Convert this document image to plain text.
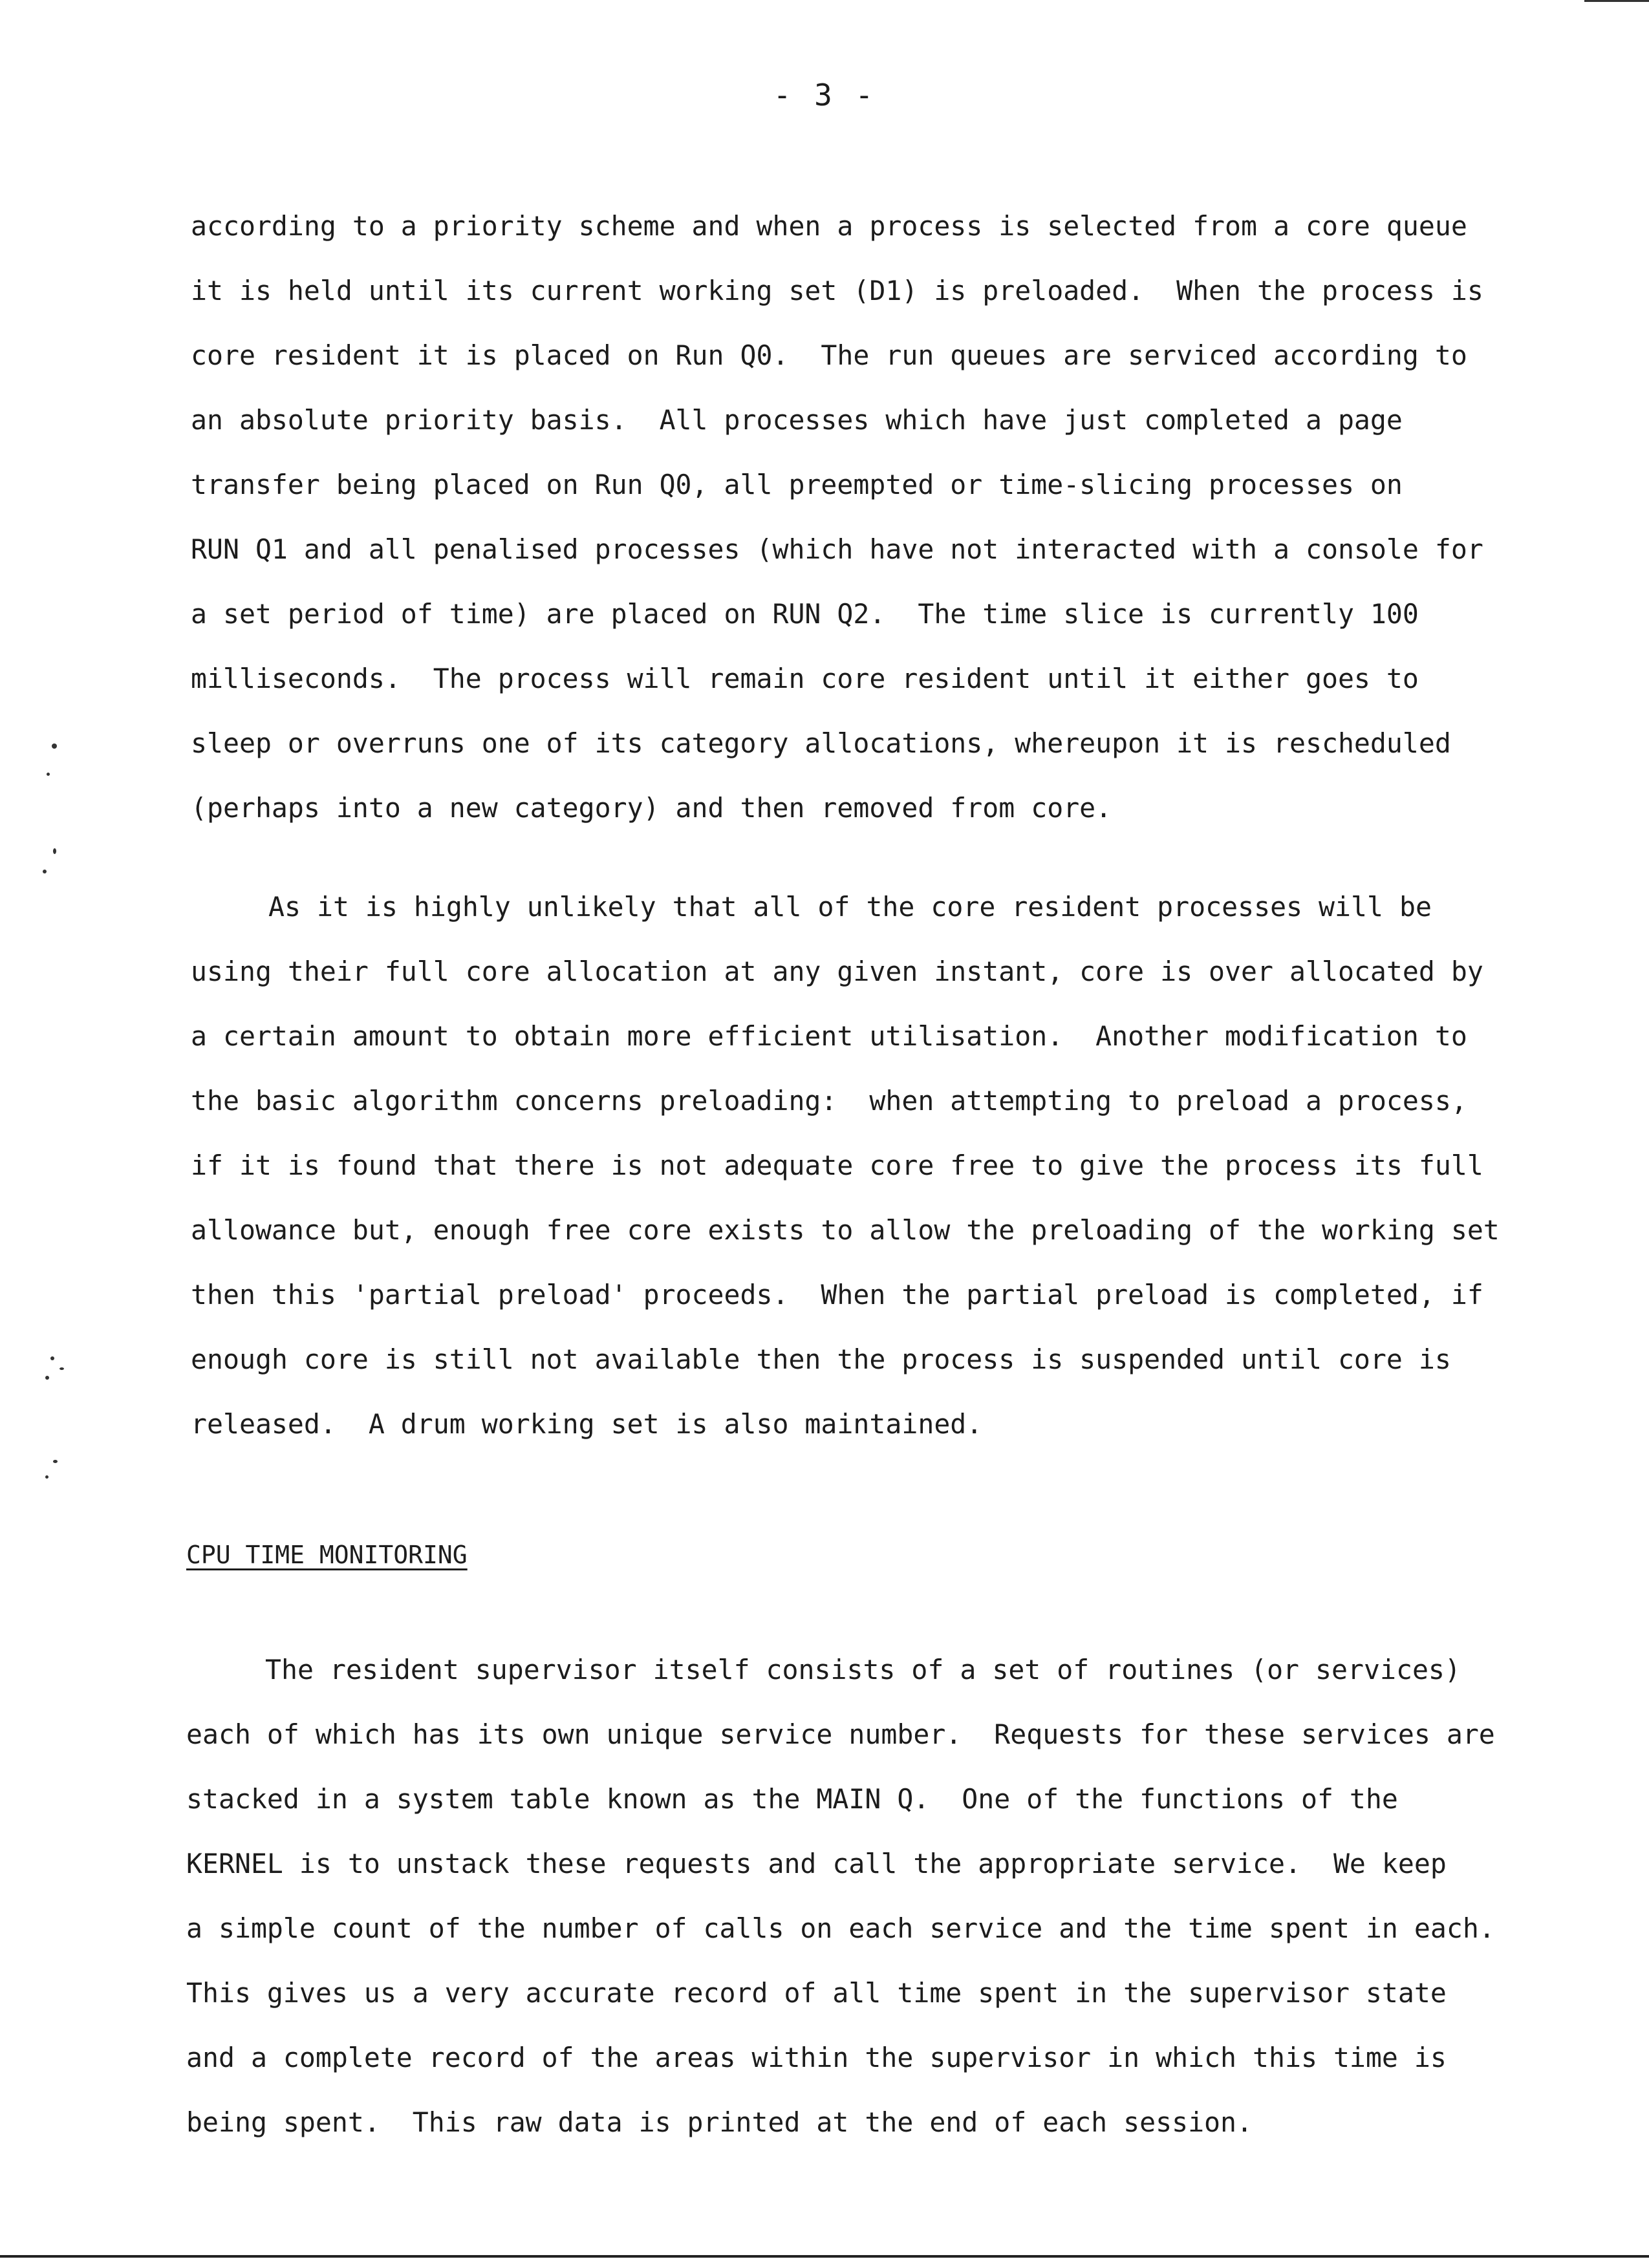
- 3 -
according to a priority scheme and when a process is selected from a core queue
it is held until its current working set (D1) is preloaded.  When the process is
core resident it is placed on Run Q0.  The run queues are serviced according to
an absolute priority basis.  All processes which have just completed a page
transfer being placed on Run Q0, all preempted or time-slicing processes on
RUN Q1 and all penalised processes (which have not interacted with a console for
a set period of time) are placed on RUN Q2.  The time slice is currently 100
milliseconds.  The process will remain core resident until it either goes to
sleep or overruns one of its category allocations, whereupon it is rescheduled
(perhaps into a new category) and then removed from core.
As it is highly unlikely that all of the core resident processes will be
using their full core allocation at any given instant, core is over allocated by
a certain amount to obtain more efficient utilisation.  Another modification to
the basic algorithm concerns preloading:  when attempting to preload a process,
if it is found that there is not adequate core free to give the process its full
allowance but, enough free core exists to allow the preloading of the working set
then this 'partial preload' proceeds.  When the partial preload is completed, if
enough core is still not available then the process is suspended until core is
released.  A drum working set is also maintained.
CPU TIME MONITORING
The resident supervisor itself consists of a set of routines (or services)
each of which has its own unique service number.  Requests for these services are
stacked in a system table known as the MAIN Q.  One of the functions of the
KERNEL is to unstack these requests and call the appropriate service.  We keep
a simple count of the number of calls on each service and the time spent in each.
This gives us a very accurate record of all time spent in the supervisor state
and a complete record of the areas within the supervisor in which this time is
being spent.  This raw data is printed at the end of each session.
